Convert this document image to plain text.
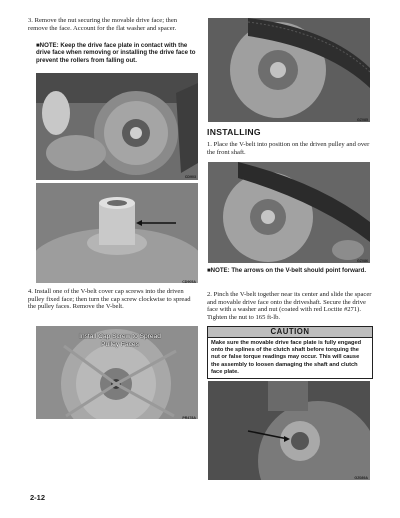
3. Remove the nut securing the movable drive face; then remove the face. Account for the flat washer and spacer.
■NOTE: Keep the drive face plate in contact with the drive face when removing or installing the drive face to prevent the rollers from falling out.
CD903
CD905A
4. Install one of the V-belt cover cap screws into the driven pulley fixed face; then turn the cap screw clockwise to spread the pulley faces. Remove the V-belt.
Install Cap Screw to Spread Pulley Faces
PR478A
2-12
GZ085
INSTALLING
1. Place the V-belt into position on the driven pulley and over the front shaft.
GZ086
■NOTE: The arrows on the V-belt should point forward.
2. Pinch the V-belt together near its center and slide the spacer and movable drive face onto the driveshaft. Secure the drive face with a washer and nut (coated with red Loctite #271). Tighten the nut to 165 ft-lb.
CAUTION
Make sure the movable drive face plate is fully engaged onto the splines of the clutch shaft before torquing the nut or false torque readings may occur. This will cause the assembly to loosen damaging the shaft and clutch face plate.
GZ089A
